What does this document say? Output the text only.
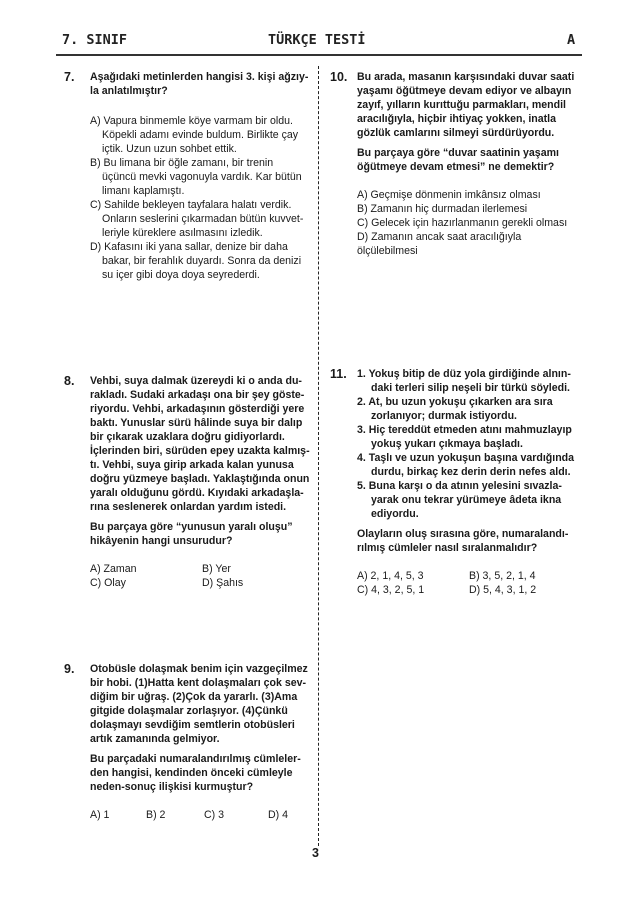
7. SINIF	TÜRKÇE TESTİ	A
7. Aşağıdaki metinlerden hangisi 3. kişi ağzıy-
la anlatılmıştır?

A) Vapura binmemle köye varmam bir oldu.
Köpekli adamı evinde buldum. Birlikte çay
içtik. Uzun uzun sohbet ettik.

B) Bu limana bir öğle zamanı, bir trenin
üçüncü mevki vagonuyla vardık. Kar bütün
limanı kaplamıştı.

C) Sahilde bekleyen tayfalara halatı verdik.
Onların seslerini çıkarmadan bütün kuvvet-
leriyle küreklere asılmasını izledik.

D) Kafasını iki yana sallar, denize bir daha
bakar, bir ferahlık duyardı. Sonra da denizi
su içer gibi doya doya seyrederdi.

8. Vehbi, suya dalmak üzereydi ki o anda du-
rakladı. Sudaki arkadaşı ona bir şey göste-
riyordu. Vehbi, arkadaşının gösterdiği yere
baktı. Yunuslar sürü hâlinde suya bir dalıp
bir çıkarak uzaklara doğru gidiyorlardı.
İçlerinden biri, sürüden epey uzakta kalmış-
tı. Vehbi, suya girip arkada kalan yunusa
doğru yüzmeye başladı. Yaklaştığında onun
yaralı olduğunu gördü. Kıyıdaki arkadaşla-
rına seslenerek onlardan yardım istedi.

Bu parçaya göre “yunusun yaralı oluşu”
hikâyenin hangi unsurudur?

A) Zaman	B) Yer
C) Olay	D) Şahıs
9. Otobüsle dolaşmak benim için vazgeçilmez
bir hobi. (1)Hatta kent dolaşmaları çok sev-
diğim bir uğraş. (2)Çok da yararlı. (3)Ama
gitgide dolaşmalar zorlaşıyor. (4)Çünkü
dolaşmayı sevdiğim semtlerin otobüsleri
artık zamanında gelmiyor.

Bu parçadaki numaralandırılmış cümleler-
den hangisi, kendinden önceki cümleyle
neden-sonuç ilişkisi kurmuştur?

A) 1	B) 2	C) 3	D) 4
10. Bu arada, masanın karşısındaki duvar saati
yaşamı öğütmeye devam ediyor ve albayın
zayıf, yılların kurıttuğu parmakları, mendil
aracılığıyla, hiçbir ihtiyaç yokken, inatla
gözlük camlarını silmeyi sürdürüyordu.

Bu parçaya göre “duvar saatinin yaşamı
öğütmeye devam etmesi” ne demektir?

A) Geçmişe dönmenin imkânsız olması

B) Zamanın hiç durmadan ilerlemesi

C) Gelecek için hazırlanmanın gerekli olması

D) Zamanın ancak saat aracılığıyla ölçülebilmesi

11. 1. Yokuş bitip de düz yola girdiğinde alnın-
daki terleri silip neşeli bir türkü söyledi.

2. At, bu uzun yokuşu çıkarken ara sıra
zorlanıyor; durmak istiyordu.

3. Hiç tereddüt etmeden atını mahmuzlayıp
yokuş yukarı çıkmaya başladı.

4. Taşlı ve uzun yokuşun başına vardığında
durdu, birkaç kez derin derin nefes aldı.

5. Buna karşı o da atının yelesini sıvazla-
yarak onu tekrar yürümeye âdeta ikna
ediyordu.

Olayların oluş sırasına göre, numaralandı-
rılmış cümleler nasıl sıralanmalıdır?

A) 2, 1, 4, 5, 3	B) 3, 5, 2, 1, 4
C) 4, 3, 2, 5, 1	D) 5, 4, 3, 1, 2
3
